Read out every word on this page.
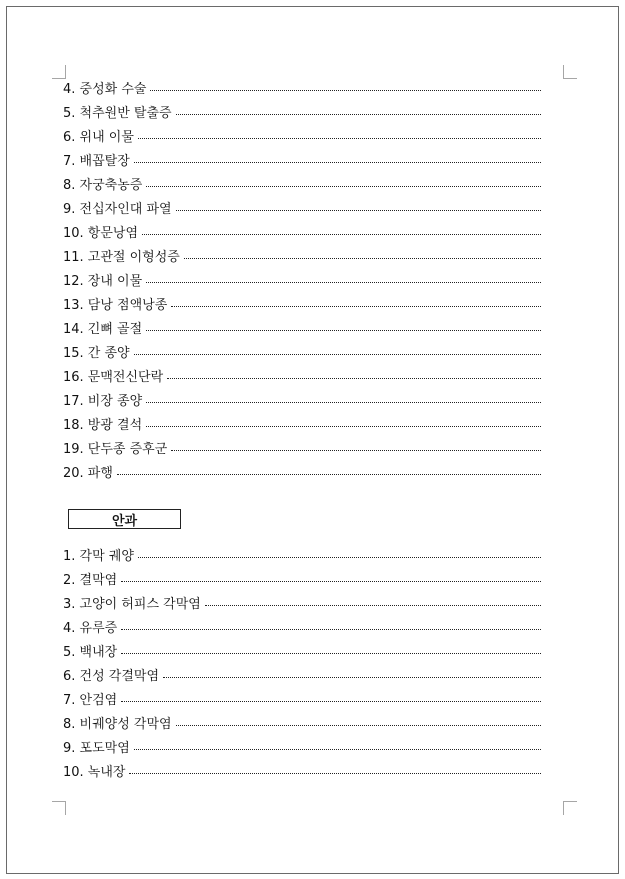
4. 중성화 수술
5. 척추원반 탈출증
6. 위내 이물
7. 배꼽탈장
8. 자궁축농증
9. 전십자인대 파열
10. 항문낭염
11. 고관절 이형성증
12. 장내 이물
13. 담낭 점액낭종
14. 긴뼈 골절
15. 간 종양
16. 문맥전신단락
17. 비장 종양
18. 방광 결석
19. 단두종 증후군
20. 파행
안과
1. 각막 궤양
2. 결막염
3. 고양이 허피스 각막염
4. 유루증
5. 백내장
6. 건성 각결막염
7. 안검염
8. 비궤양성 각막염
9. 포도막염
10. 녹내장
